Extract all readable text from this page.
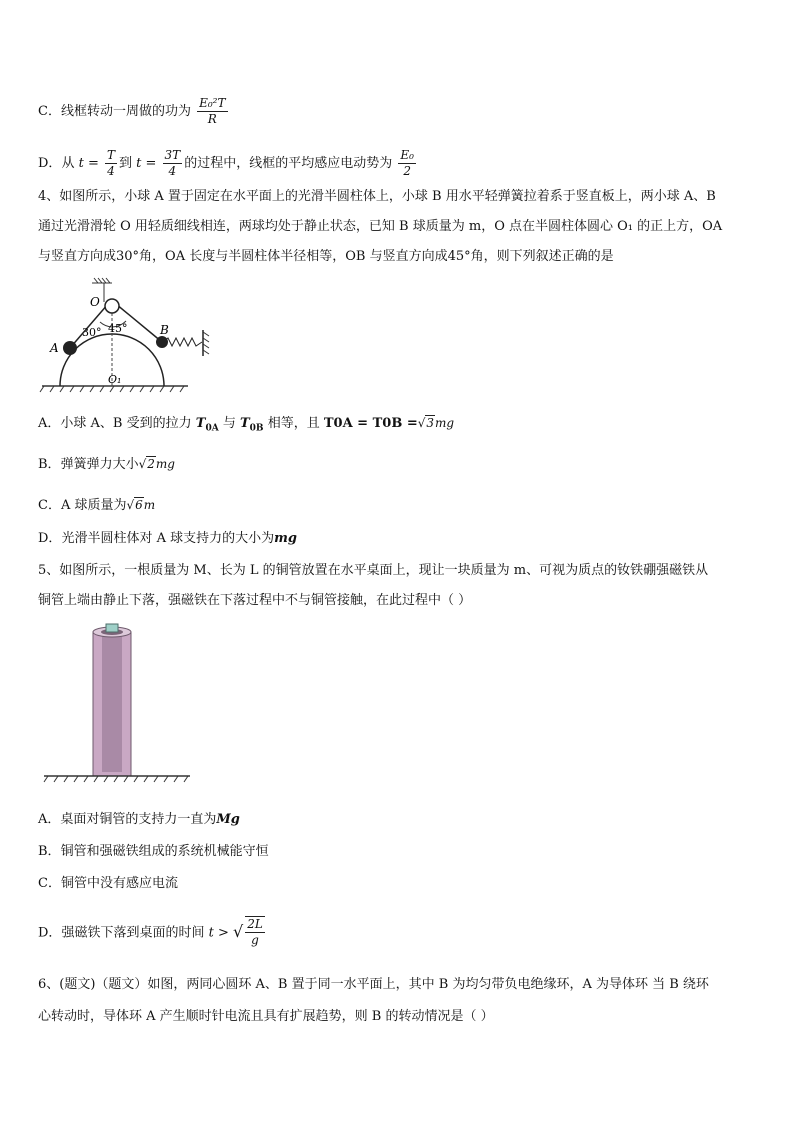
C．线框转动一周做的功为 $\frac{\text{E₀²T}}{R}$
D．从 $t = \frac{T}{4}$ 到 $t = \frac{3T}{4}$ 的过程中，线框的平均感应电动势为 $\frac{\text{E₀}}{2}$
4、如图所示，小球 A 置于固定在水平面上的光滑半圆柱体上，小球 B 用水平轻弹簧拉着系于竖直板上，两小球 A、B
通过光滑滑轮 O 用轻质细线相连，两球均处于静止状态，已知 B 球质量为 m，O 点在半圆柱体圆心 O₁ 的正上方，OA
与竖直方向成30°角，OA 长度与半圆柱体半径相等，OB 与竖直方向成45°角，则下列叙述正确的是
O
A
B
O₁
30° 45°
A．小球 A、B 受到的拉力 $T_{0A}$ 与 $T_{0B}$ 相等，且 T0A = T0B =√3mg
B．弹簧弹力大小√2mg
C．A 球质量为√6m
D．光滑半圆柱体对 A 球支持力的大小为mg
5、如图所示，一根质量为 M、长为 L 的铜管放置在水平桌面上，现让一块质量为 m、可视为质点的钕铁硼强磁铁从
铜管上端由静止下落，强磁铁在下落过程中不与铜管接触，在此过程中（ ）
A．桌面对铜管的支持力一直为Mg
B．铜管和强磁铁组成的系统机械能守恒
C．铜管中没有感应电流
D．强磁铁下落到桌面的时间 t > √ $\frac{2L}{g}$
6、(题文)（题文）如图，两同心圆环 A、B 置于同一水平面上，其中 B 为均匀带负电绝缘环，A 为导体环 当 B 绕环
心转动时，导体环 A 产生顺时针电流且具有扩展趋势，则 B 的转动情况是（ ）
